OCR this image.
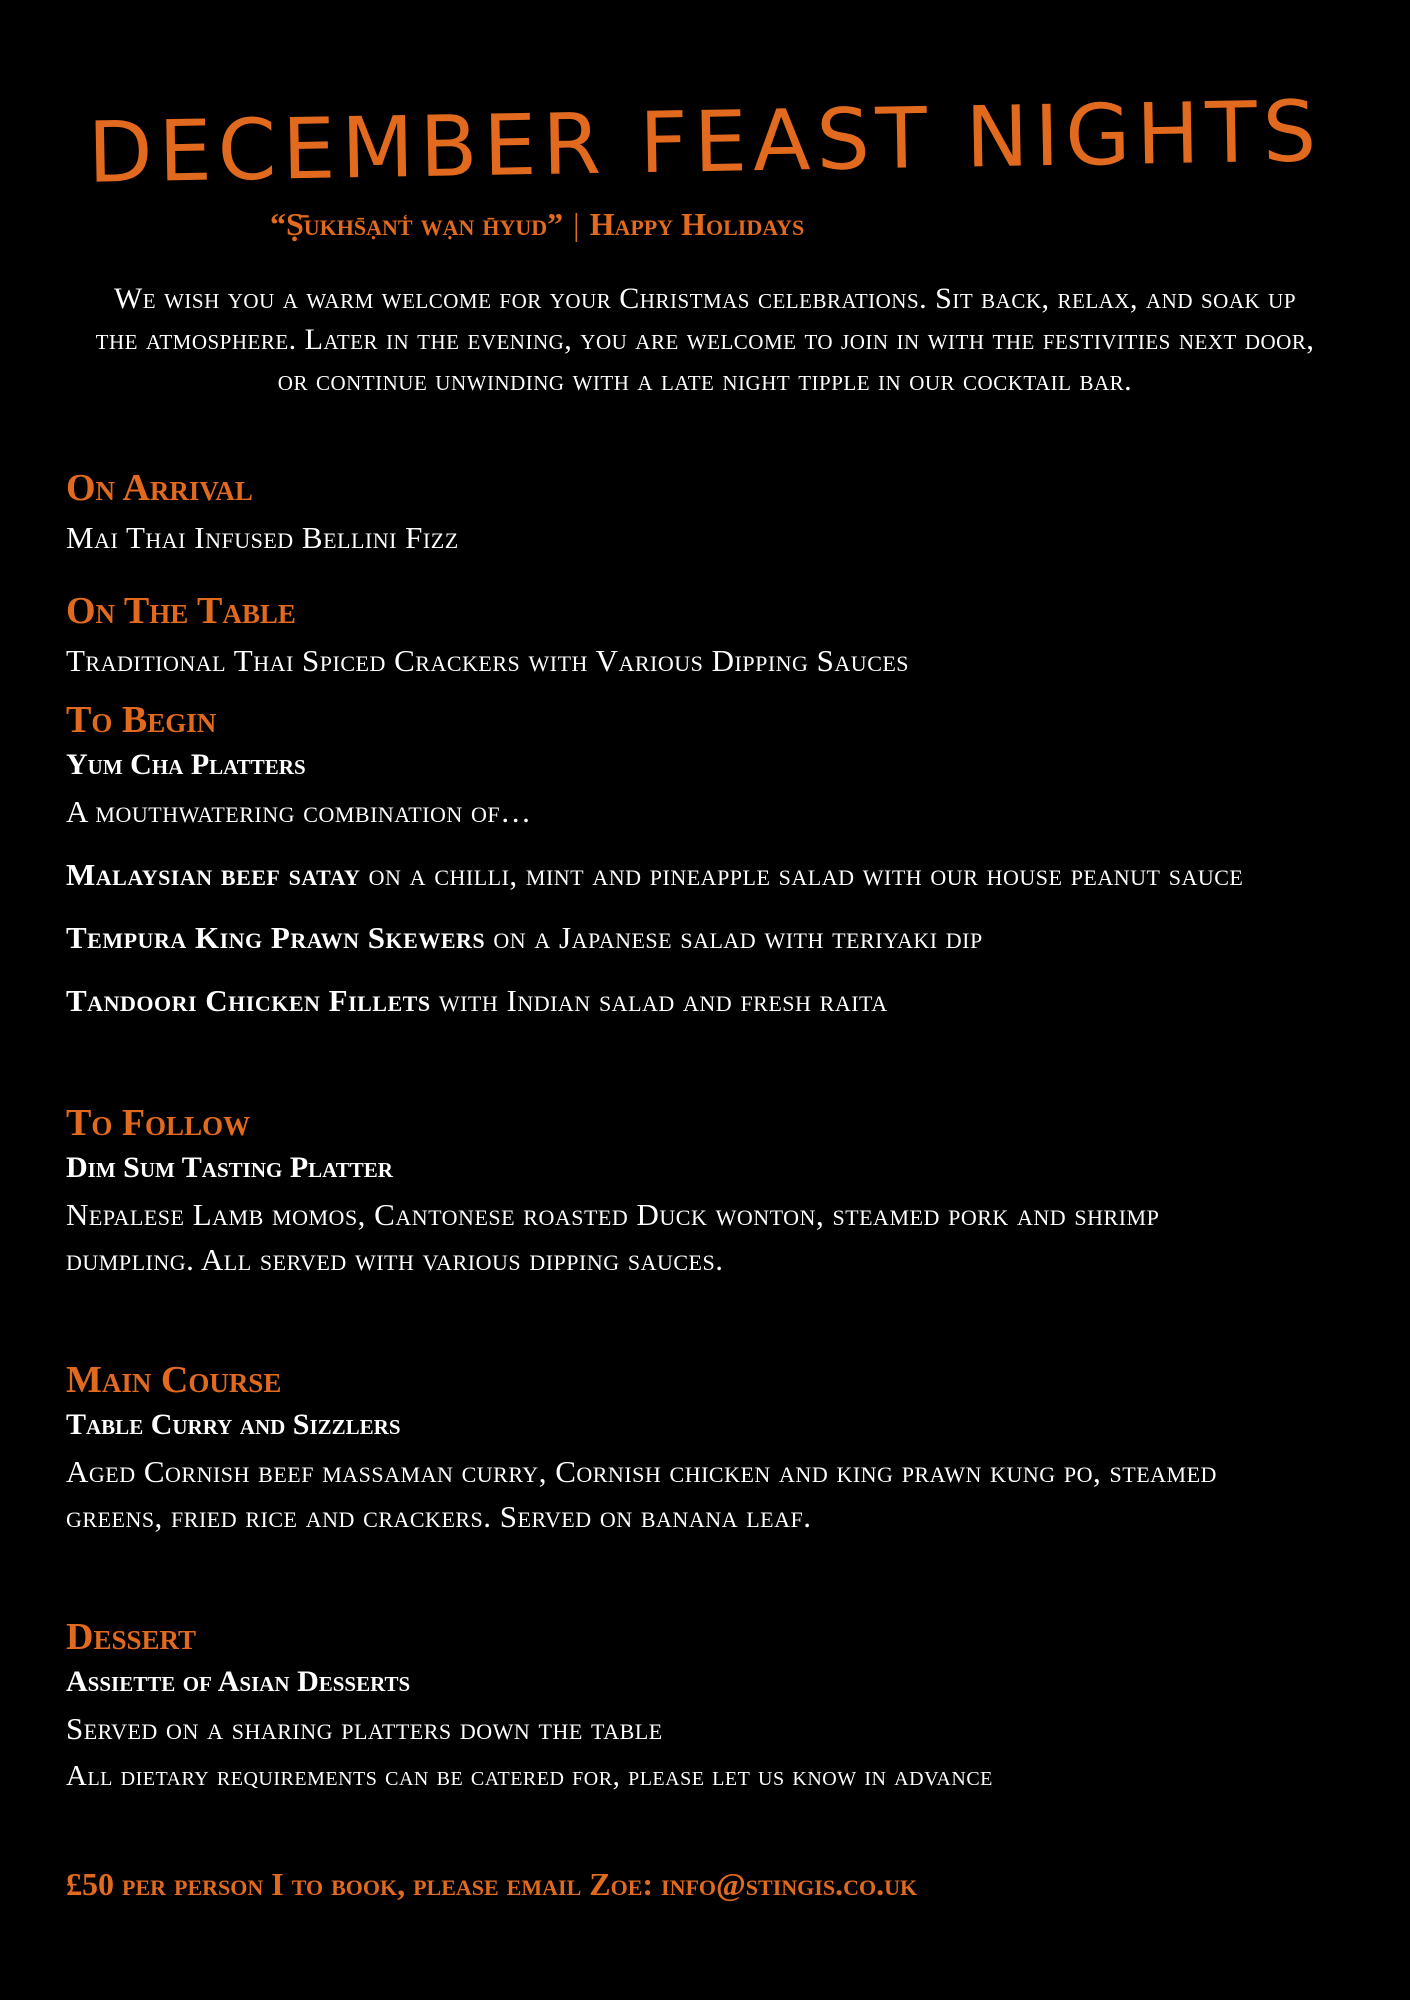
DECEMBER FEAST NIGHTS
“Ṣ̄ukhs̄ạnt̒ wạn h̄yud” | Happy Holidays
We wish you a warm welcome for your Christmas celebrations. Sit back, relax, and soak up the atmosphere. Later in the evening, you are welcome to join in with the festivities next door, or continue unwinding with a late night tipple in our cocktail bar.
On Arrival
Mai Thai Infused Bellini Fizz
On The Table
Traditional Thai Spiced Crackers with Various Dipping Sauces
To Begin
Yum Cha Platters
A mouthwatering combination of…
Malaysian beef satay on a chilli, mint and pineapple salad with our house peanut sauce
Tempura King Prawn Skewers on a Japanese salad with teriyaki dip
Tandoori Chicken Fillets with Indian salad and fresh raita
To Follow
Dim Sum Tasting Platter
Nepalese Lamb momos, Cantonese roasted Duck wonton, steamed pork and shrimp dumpling. All served with various dipping sauces.
Main Course
Table Curry and Sizzlers
Aged Cornish beef massaman curry, Cornish chicken and king prawn kung po, steamed greens, fried rice and crackers. Served on banana leaf.
Dessert
Assiette of Asian Desserts
Served on a sharing platters down the table
All dietary requirements can be catered for, please let us know in advance
£50 per person I to book, please email Zoe: info@stingis.co.uk
